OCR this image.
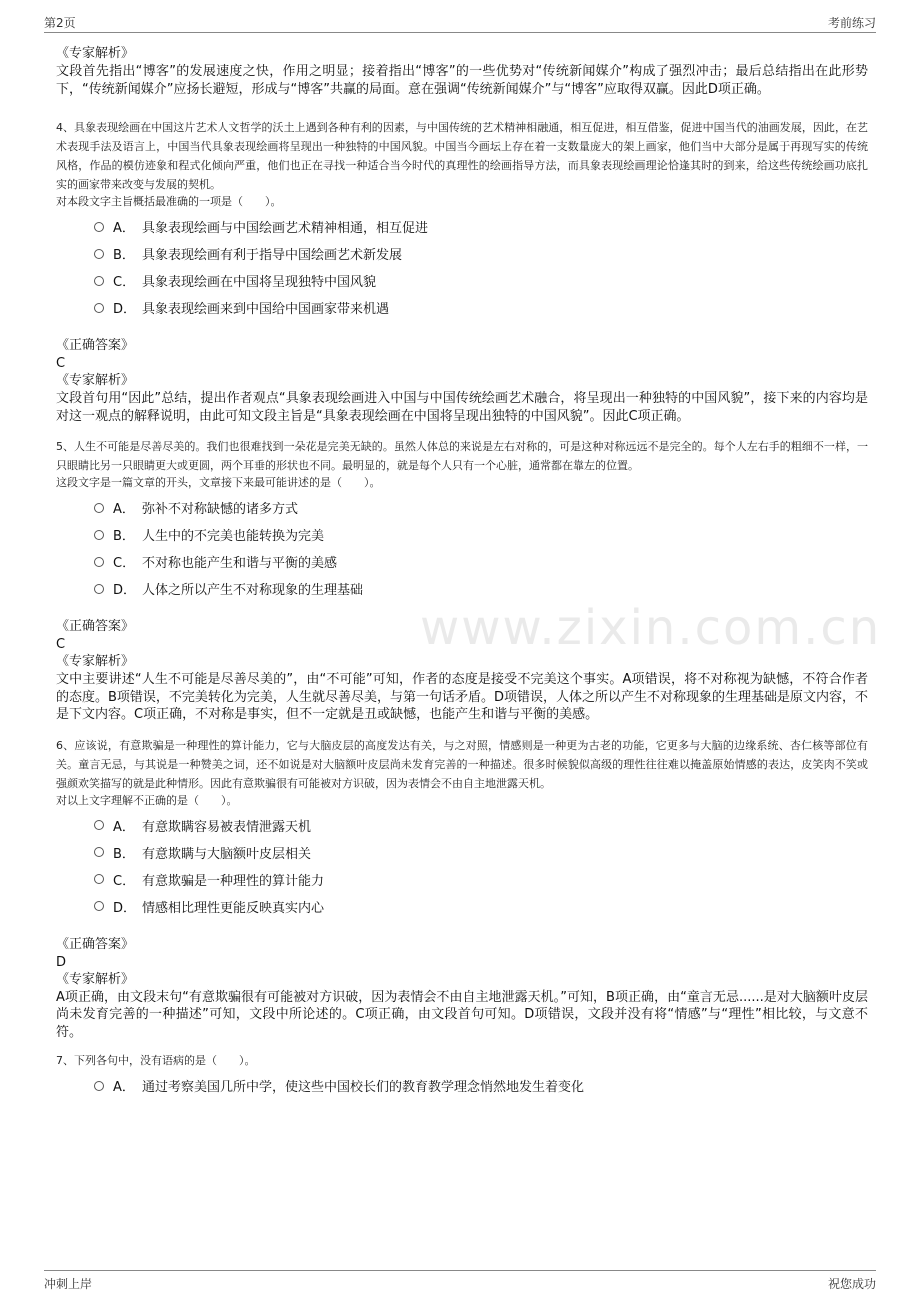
第2页	考前练习
www.zixin.com.cn
《专家解析》
文段首先指出“博客”的发展速度之快，作用之明显；接着指出“博客”的一些优势对“传统新闻媒介”构成了强烈冲击；最后总结指出在此形势下，“传统新闻媒介”应扬长避短，形成与“博客”共赢的局面。意在强调“传统新闻媒介”与“博客”应取得双赢。因此D项正确。
4、具象表现绘画在中国这片艺术人文哲学的沃土上遇到各种有利的因素，与中国传统的艺术精神相融通，相互促进，相互借鉴，促进中国当代的油画发展，因此，在艺术表现手法及语言上，中国当代具象表现绘画将呈现出一种独特的中国风貌。中国当今画坛上存在着一支数量庞大的架上画家，他们当中大部分是属于再现写实的传统风格，作品的模仿迹象和程式化倾向严重，他们也正在寻找一种适合当今时代的真理性的绘画指导方法，而具象表现绘画理论恰逢其时的到来，给这些传统绘画功底扎实的画家带来改变与发展的契机。
对本段文字主旨概括最准确的一项是（　　）。
A． 具象表现绘画与中国绘画艺术精神相通，相互促进
B． 具象表现绘画有利于指导中国绘画艺术新发展
C． 具象表现绘画在中国将呈现独特中国风貌
D． 具象表现绘画来到中国给中国画家带来机遇
《正确答案》
C
《专家解析》
文段首句用“因此”总结，提出作者观点“具象表现绘画进入中国与中国传统绘画艺术融合，将呈现出一种独特的中国风貌”，接下来的内容均是对这一观点的解释说明，由此可知文段主旨是“具象表现绘画在中国将呈现出独特的中国风貌”。因此C项正确。
5、人生不可能是尽善尽美的。我们也很难找到一朵花是完美无缺的。虽然人体总的来说是左右对称的，可是这种对称远远不是完全的。每个人左右手的粗细不一样，一只眼睛比另一只眼睛更大或更圆，两个耳垂的形状也不同。最明显的，就是每个人只有一个心脏，通常都在靠左的位置。
这段文字是一篇文章的开头，文章接下来最可能讲述的是（　　）。
A． 弥补不对称缺憾的诸多方式
B． 人生中的不完美也能转换为完美
C． 不对称也能产生和谐与平衡的美感
D． 人体之所以产生不对称现象的生理基础
《正确答案》
C
《专家解析》
文中主要讲述“人生不可能是尽善尽美的”，由“不可能”可知，作者的态度是接受不完美这个事实。A项错误，将不对称视为缺憾，不符合作者的态度。B项错误，不完美转化为完美，人生就尽善尽美，与第一句话矛盾。D项错误，人体之所以产生不对称现象的生理基础是原文内容，不是下文内容。C项正确，不对称是事实，但不一定就是丑或缺憾，也能产生和谐与平衡的美感。
6、应该说，有意欺骗是一种理性的算计能力，它与大脑皮层的高度发达有关，与之对照，情感则是一种更为古老的功能，它更多与大脑的边缘系统、杏仁核等部位有关。童言无忌，与其说是一种赞美之词，还不如说是对大脑额叶皮层尚未发育完善的一种描述。很多时候貌似高级的理性往往难以掩盖原始情感的表达，皮笑肉不笑或强颜欢笑描写的就是此种情形。因此有意欺骗很有可能被对方识破，因为表情会不由自主地泄露天机。
对以上文字理解不正确的是（　　）。
A． 有意欺瞒容易被表情泄露天机
B． 有意欺瞒与大脑额叶皮层相关
C． 有意欺骗是一种理性的算计能力
D． 情感相比理性更能反映真实内心
《正确答案》
D
《专家解析》
A项正确，由文段末句“有意欺骗很有可能被对方识破，因为表情会不由自主地泄露天机。”可知，B项正确，由“童言无忌......是对大脑额叶皮层尚未发育完善的一种描述”可知，文段中所论述的。C项正确，由文段首句可知。D项错误，文段并没有将“情感”与“理性”相比较，与文意不符。
7、下列各句中，没有语病的是（　　）。
A． 通过考察美国几所中学，使这些中国校长们的教育教学理念悄然地发生着变化
冲刺上岸	祝您成功
